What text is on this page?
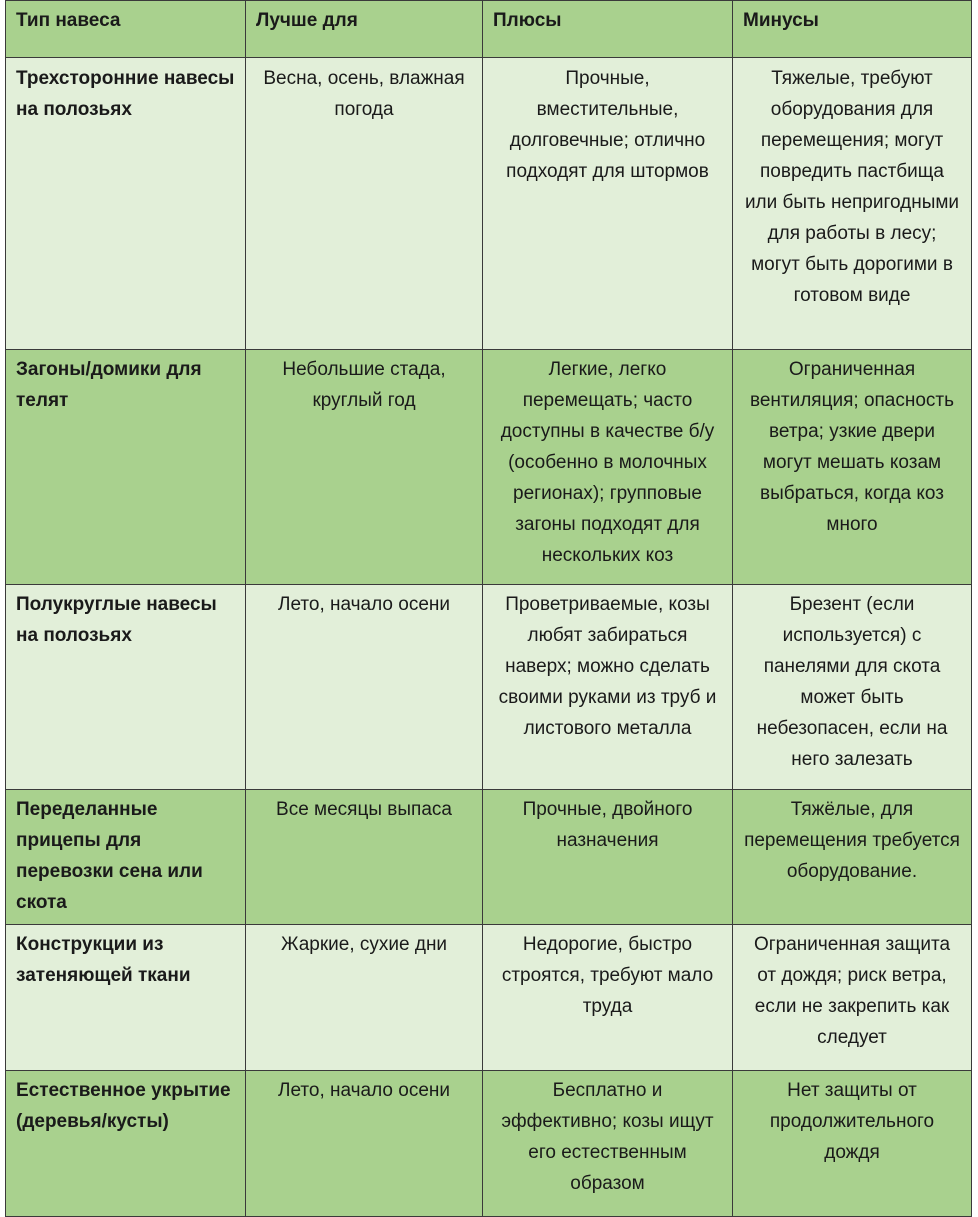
Тип навеса	Лучше для	Плюсы	Минусы
Трехсторонние навесы на полозьях	Весна, осень, влажная погода	Прочные, вместительные, долговечные; отлично подходят для штормов	Тяжелые, требуют оборудования для перемещения; могут повредить пастбища или быть непригодными для работы в лесу; могут быть дорогими в готовом виде
Загоны/домики для телят	Небольшие стада, круглый год	Легкие, легко перемещать; часто доступны в качестве б/у (особенно в молочных регионах); групповые загоны подходят для нескольких коз	Ограниченная вентиляция; опасность ветра; узкие двери могут мешать козам выбраться, когда коз много
Полукруглые навесы на полозьях	Лето, начало осени	Проветриваемые, козы любят забираться наверх; можно сделать своими руками из труб и листового металла	Брезент (если используется) с панелями для скота может быть небезопасен, если на него залезать
Переделанные прицепы для перевозки сена или скота	Все месяцы выпаса	Прочные, двойного назначения	Тяжёлые, для перемещения требуется оборудование.
Конструкции из затеняющей ткани	Жаркие, сухие дни	Недорогие, быстро строятся, требуют мало труда	Ограниченная защита от дождя; риск ветра, если не закрепить как следует
Естественное укрытие (деревья/кусты)	Лето, начало осени	Бесплатно и эффективно; козы ищут его естественным образом	Нет защиты от продолжительного дождя
